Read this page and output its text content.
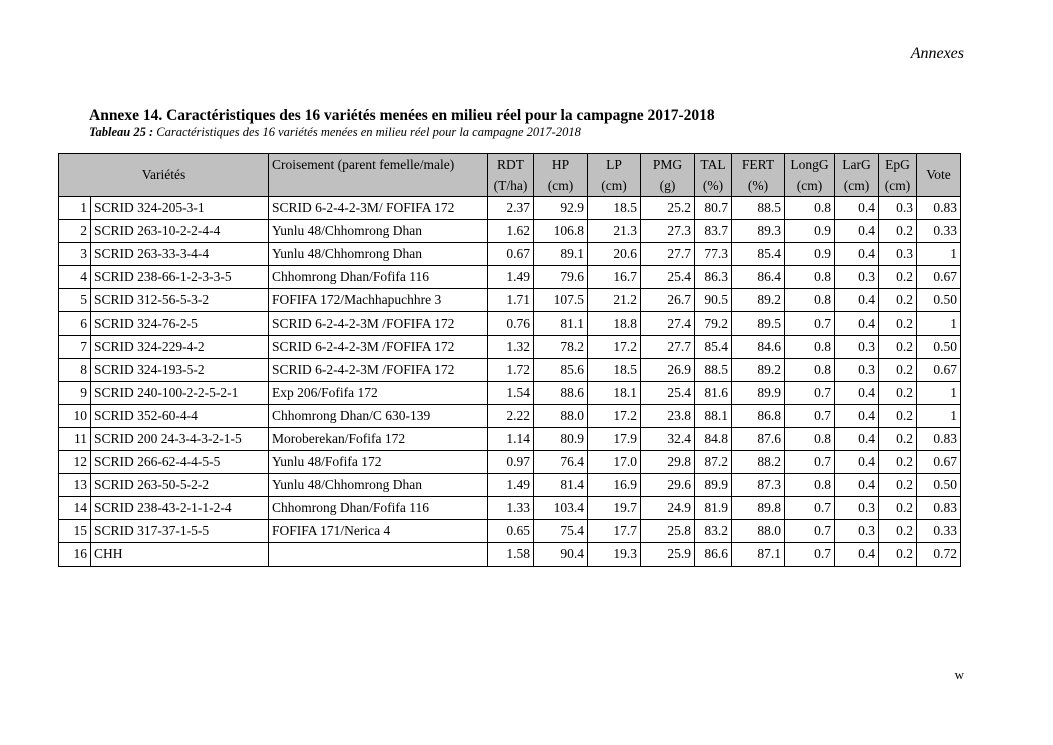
Annexes
Annexe 14. Caractéristiques des 16 variétés menées en milieu réel pour la campagne 2017-2018
Tableau 25 : Caractéristiques des 16 variétés menées en milieu réel pour la campagne 2017-2018
Variétés		Croisement (parent femelle/male)	RDT	HP	LP	PMG	TAL	FERT	LongG	LarG	EpG	Vote
			(T/ha)	(cm)	(cm)	(g)	(%)	(%)	(cm)	(cm)	(cm)	
1	SCRID 324-205-3-1	SCRID 6-2-4-2-3M/ FOFIFA 172	2.37	92.9	18.5	25.2	80.7	88.5	0.8	0.4	0.3	0.83
2	SCRID 263-10-2-2-4-4	Yunlu 48/Chhomrong Dhan	1.62	106.8	21.3	27.3	83.7	89.3	0.9	0.4	0.2	0.33
3	SCRID 263-33-3-4-4	Yunlu 48/Chhomrong Dhan	0.67	89.1	20.6	27.7	77.3	85.4	0.9	0.4	0.3	1
4	SCRID 238-66-1-2-3-3-5	Chhomrong Dhan/Fofifa 116	1.49	79.6	16.7	25.4	86.3	86.4	0.8	0.3	0.2	0.67
5	SCRID 312-56-5-3-2	FOFIFA 172/Machhapuchhre 3	1.71	107.5	21.2	26.7	90.5	89.2	0.8	0.4	0.2	0.50
6	SCRID 324-76-2-5	SCRID 6-2-4-2-3M /FOFIFA 172	0.76	81.1	18.8	27.4	79.2	89.5	0.7	0.4	0.2	1
7	SCRID 324-229-4-2	SCRID 6-2-4-2-3M /FOFIFA 172	1.32	78.2	17.2	27.7	85.4	84.6	0.8	0.3	0.2	0.50
8	SCRID 324-193-5-2	SCRID 6-2-4-2-3M /FOFIFA 172	1.72	85.6	18.5	26.9	88.5	89.2	0.8	0.3	0.2	0.67
9	SCRID 240-100-2-2-5-2-1	Exp 206/Fofifa 172	1.54	88.6	18.1	25.4	81.6	89.9	0.7	0.4	0.2	1
10	SCRID 352-60-4-4	Chhomrong Dhan/C 630-139	2.22	88.0	17.2	23.8	88.1	86.8	0.7	0.4	0.2	1
11	SCRID 200 24-3-4-3-2-1-5	Moroberekan/Fofifa 172	1.14	80.9	17.9	32.4	84.8	87.6	0.8	0.4	0.2	0.83
12	SCRID 266-62-4-4-5-5	Yunlu 48/Fofifa 172	0.97	76.4	17.0	29.8	87.2	88.2	0.7	0.4	0.2	0.67
13	SCRID 263-50-5-2-2	Yunlu 48/Chhomrong Dhan	1.49	81.4	16.9	29.6	89.9	87.3	0.8	0.4	0.2	0.50
14	SCRID 238-43-2-1-1-2-4	Chhomrong Dhan/Fofifa 116	1.33	103.4	19.7	24.9	81.9	89.8	0.7	0.3	0.2	0.83
15	SCRID 317-37-1-5-5	FOFIFA 171/Nerica 4	0.65	75.4	17.7	25.8	83.2	88.0	0.7	0.3	0.2	0.33
16	CHH		1.58	90.4	19.3	25.9	86.6	87.1	0.7	0.4	0.2	0.72
w
